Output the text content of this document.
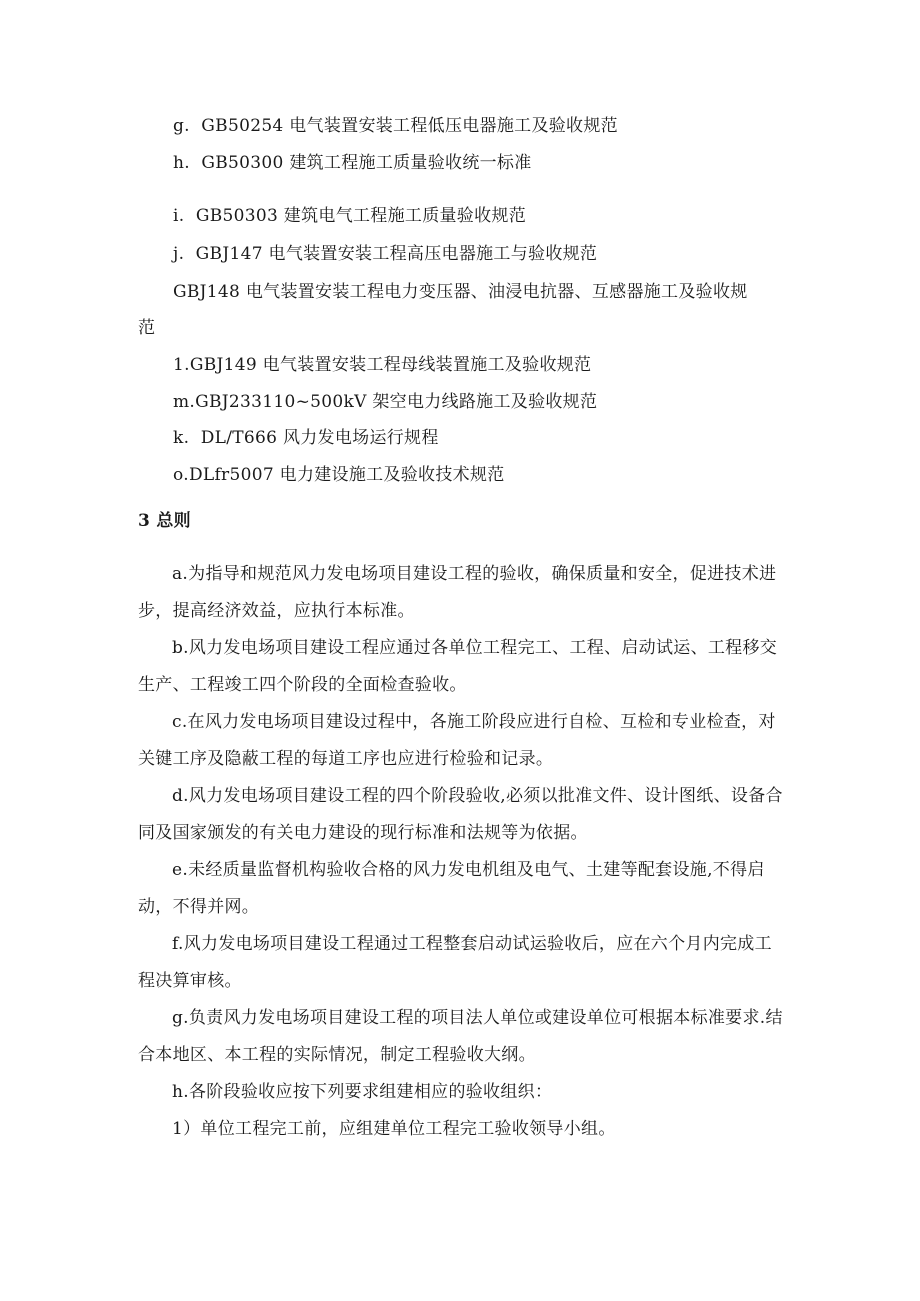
g.  GB50254 电气装置安装工程低压电器施工及验收规范
h.  GB50300 建筑工程施工质量验收统一标准
i.  GB50303 建筑电气工程施工质量验收规范
j.  GBJ147 电气装置安装工程高压电器施工与验收规范
GBJ148 电气装置安装工程电力变压器、油浸电抗器、互感器施工及验收规
范
1.GBJ149 电气装置安装工程母线装置施工及验收规范
m.GBJ233110~500kV 架空电力线路施工及验收规范
k.  DL/T666 风力发电场运行规程
o.DLfr5007 电力建设施工及验收技术规范
3 总则
a.为指导和规范风力发电场项目建设工程的验收，确保质量和安全，促进技术进步，提高经济效益，应执行本标准。
b.风力发电场项目建设工程应通过各单位工程完工、工程、启动试运、工程移交生产、工程竣工四个阶段的全面检查验收。
c.在风力发电场项目建设过程中，各施工阶段应进行自检、互检和专业检查，对关键工序及隐蔽工程的每道工序也应进行检验和记录。
d.风力发电场项目建设工程的四个阶段验收,必须以批准文件、设计图纸、设备合同及国家颁发的有关电力建设的现行标准和法规等为依据。
e.未经质量监督机构验收合格的风力发电机组及电气、土建等配套设施,不得启动，不得并网。
f.风力发电场项目建设工程通过工程整套启动试运验收后，应在六个月内完成工程决算审核。
g.负责风力发电场项目建设工程的项目法人单位或建设单位可根据本标准要求.结合本地区、本工程的实际情况，制定工程验收大纲。
h.各阶段验收应按下列要求组建相应的验收组织：
1）单位工程完工前，应组建单位工程完工验收领导小组。
